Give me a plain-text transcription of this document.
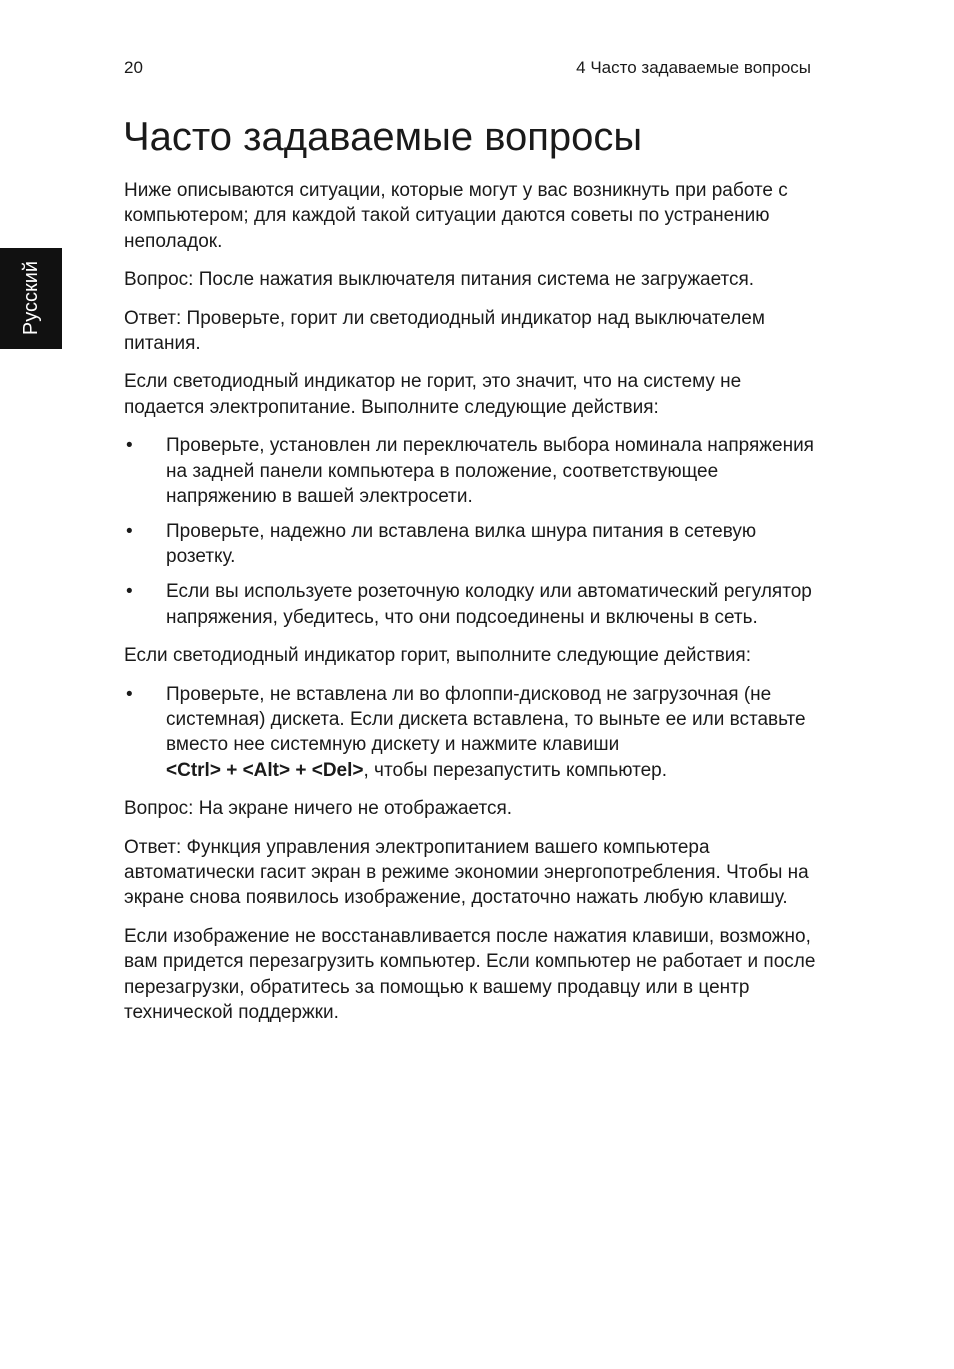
20	4 Часто задаваемые вопросы
Русский
Часто задаваемые вопросы

Ниже описываются ситуации, которые могут у вас возникнуть при работе с компьютером; для каждой такой ситуации даются советы по устранению неполадок.

Вопрос: После нажатия выключателя питания система не загружается.

Ответ: Проверьте, горит ли светодиодный индикатор над выключателем питания.

Если светодиодный индикатор не горит, это значит, что на систему не подается электропитание. Выполните следующие действия:

• Проверьте, установлен ли переключатель выбора номинала напряжения на задней панели компьютера в положение, соответствующее напряжению в вашей электросети.
• Проверьте, надежно ли вставлена вилка шнура питания в сетевую розетку.
• Если вы используете розеточную колодку или автоматический регулятор напряжения, убедитесь, что они подсоединены и включены в сеть.

Если светодиодный индикатор горит, выполните следующие действия:

• Проверьте, не вставлена ли во флоппи-дисковод не загрузочная (не системная) дискета. Если дискета вставлена, то выньте ее или вставьте вместо нее системную дискету и нажмите клавиши
<Ctrl> + <Alt> + <Del>, чтобы перезапустить компьютер.

Вопрос: На экране ничего не отображается.

Ответ: Функция управления электропитанием вашего компьютера автоматически гасит экран в режиме экономии энергопотребления. Чтобы на экране снова появилось изображение, достаточно нажать любую клавишу.

Если изображение не восстанавливается после нажатия клавиши, возможно, вам придется перезагрузить компьютер. Если компьютер не работает и после перезагрузки, обратитесь за помощью к вашему продавцу или в центр технической поддержки.
